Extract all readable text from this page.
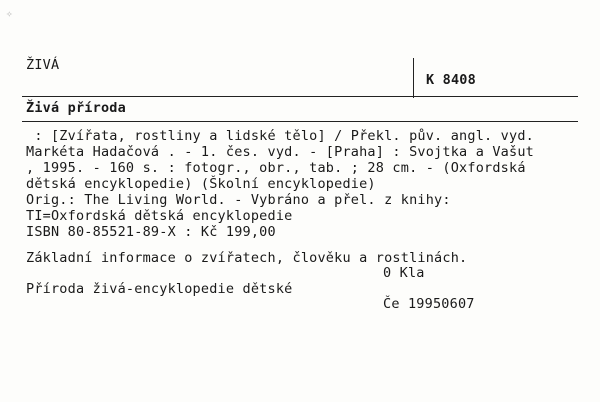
✧
ŽIVÁ
K 8408
Živá příroda
: [Zvířata, rostliny a lidské tělo] / Překl. pův. angl. vyd.
Markéta Hadačová . - 1. čes. vyd. - [Praha] : Svojtka a Vašut
, 1995. - 160 s. : fotogr., obr., tab. ; 28 cm. - (Oxfordská
dětská encyklopedie) (Školní encyklopedie)
Orig.: The Living World. - Vybráno a přel. z knihy:
TI=Oxfordská dětská encyklopedie
ISBN 80-85521-89-X : Kč 199,00
Základní informace o zvířatech, člověku a rostlinách.
0 Kla
Příroda živá-encyklopedie dětské
Če 19950607
